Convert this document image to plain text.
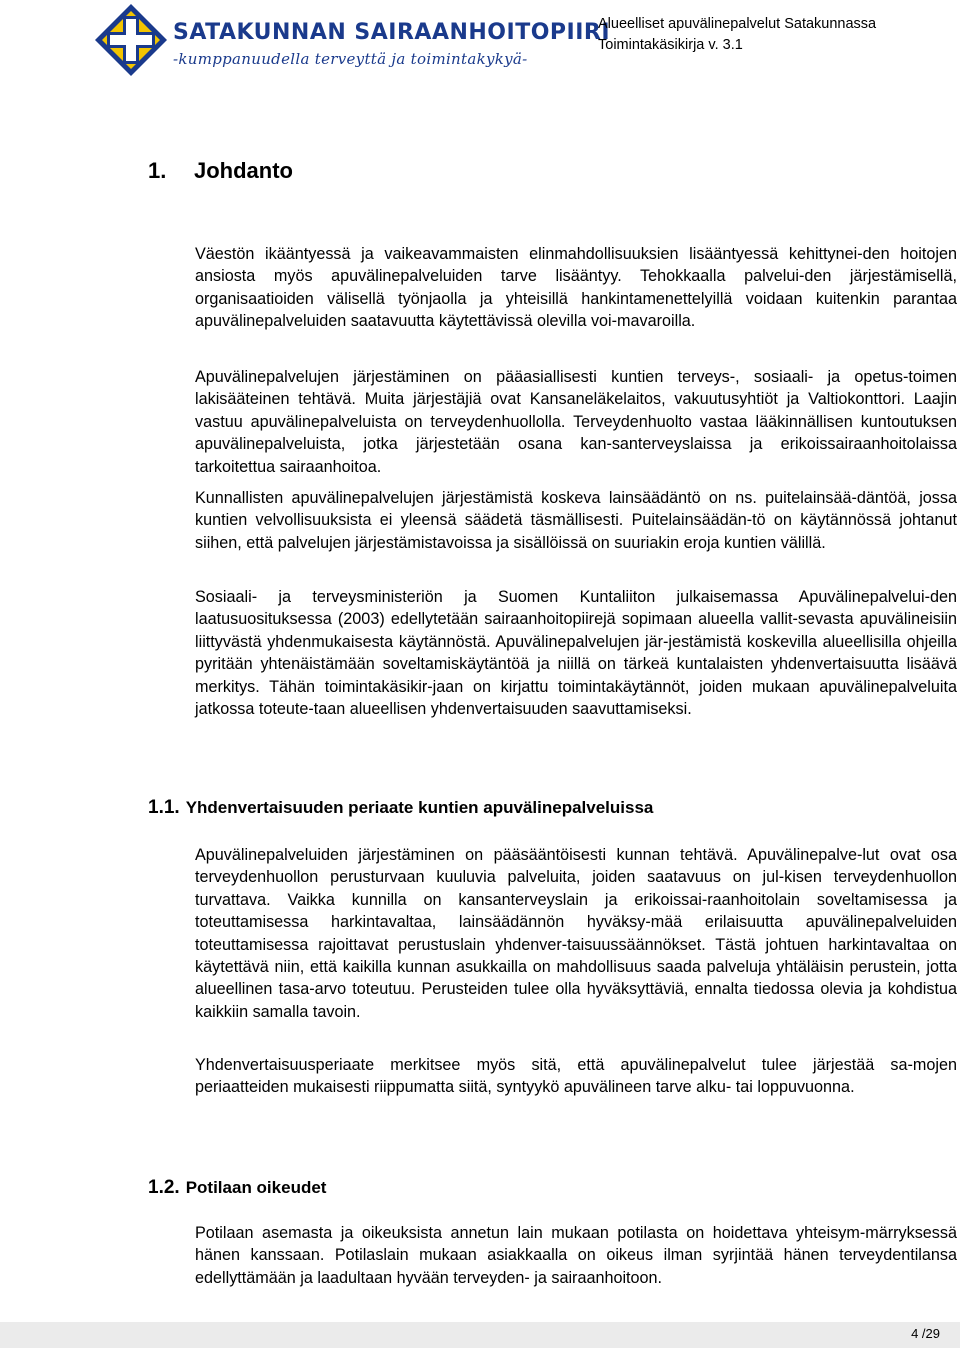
SATAKUNNAN SAIRAANHOITOPIIRI
-kumppanuudella terveyttä ja toimintakykyä-
Alueelliset apuvälinepalvelut Satakunnassa
Toimintakäsikirja v. 3.1
1. Johdanto

Väestön ikääntyessä ja vaikeavammaisten elinmahdollisuuksien lisääntyessä kehittynei-den hoitojen ansiosta myös apuvälinepalveluiden tarve lisääntyy. Tehokkaalla palvelui-den järjestämisellä, organisaatioiden välisellä työnjaolla ja yhteisillä hankintamenettelyillä voidaan kuitenkin parantaa apuvälinepalveluiden saatavuutta käytettävissä olevilla voi-mavaroilla.

Apuvälinepalvelujen järjestäminen on pääasiallisesti kuntien terveys-, sosiaali- ja opetus-toimen lakisääteinen tehtävä. Muita järjestäjiä ovat Kansaneläkelaitos, vakuutusyhtiöt ja Valtiokonttori. Laajin vastuu apuvälinepalveluista on terveydenhuollolla. Terveydenhuolto vastaa lääkinnällisen kuntoutuksen apuvälinepalveluista, jotka järjestetään osana kan-santerveyslaissa ja erikoissairaanhoitolaissa tarkoitettua sairaanhoitoa.

Kunnallisten apuvälinepalvelujen järjestämistä koskeva lainsäädäntö on ns. puitelainsää-däntöä, jossa kuntien velvollisuuksista ei yleensä säädetä täsmällisesti. Puitelainsäädän-tö on käytännössä johtanut siihen, että palvelujen järjestämistavoissa ja sisällöissä on suuriakin eroja kuntien välillä.

Sosiaali- ja terveysministeriön ja Suomen Kuntaliiton julkaisemassa Apuvälinepalvelui-den laatusuosituksessa (2003) edellytetään sairaanhoitopiirejä sopimaan alueella vallit-sevasta apuvälineisiin liittyvästä yhdenmukaisesta käytännöstä. Apuvälinepalvelujen jär-jestämistä koskevilla alueellisilla ohjeilla pyritään yhtenäistämään soveltamiskäytäntöä ja niillä on tärkeä kuntalaisten yhdenvertaisuutta lisäävä merkitys. Tähän toimintakäsikir-jaan on kirjattu toimintakäytännöt, joiden mukaan apuvälinepalveluita jatkossa toteute-taan alueellisen yhdenvertaisuuden saavuttamiseksi.

1.1. Yhdenvertaisuuden periaate kuntien apuvälinepalveluissa

Apuvälinepalveluiden järjestäminen on pääsääntöisesti kunnan tehtävä. Apuvälinepalve-lut ovat osa terveydenhuollon perusturvaan kuuluvia palveluita, joiden saatavuus on jul-kisen terveydenhuollon turvattava. Vaikka kunnilla on kansanterveyslain ja erikoissai-raanhoitolain soveltamisessa ja toteuttamisessa harkintavaltaa, lainsäädännön hyväksy-mää erilaisuutta apuvälinepalveluiden toteuttamisessa rajoittavat perustuslain yhdenver-taisuussäännökset. Tästä johtuen harkintavaltaa on käytettävä niin, että kaikilla kunnan asukkailla on mahdollisuus saada palveluja yhtäläisin perustein, jotta alueellinen tasa-arvo toteutuu. Perusteiden tulee olla hyväksyttäviä, ennalta tiedossa olevia ja kohdistua kaikkiin samalla tavoin.

Yhdenvertaisuusperiaate merkitsee myös sitä, että apuvälinepalvelut tulee järjestää sa-mojen periaatteiden mukaisesti riippumatta siitä, syntyykö apuvälineen tarve alku- tai loppuvuonna.

1.2. Potilaan oikeudet

Potilaan asemasta ja oikeuksista annetun lain mukaan potilasta on hoidettava yhteisym-märryksessä hänen kanssaan. Potilaslain mukaan asiakkaalla on oikeus ilman syrjintää hänen terveydentilansa edellyttämään ja laadultaan hyvään terveyden- ja sairaanhoitoon.

4 /29
